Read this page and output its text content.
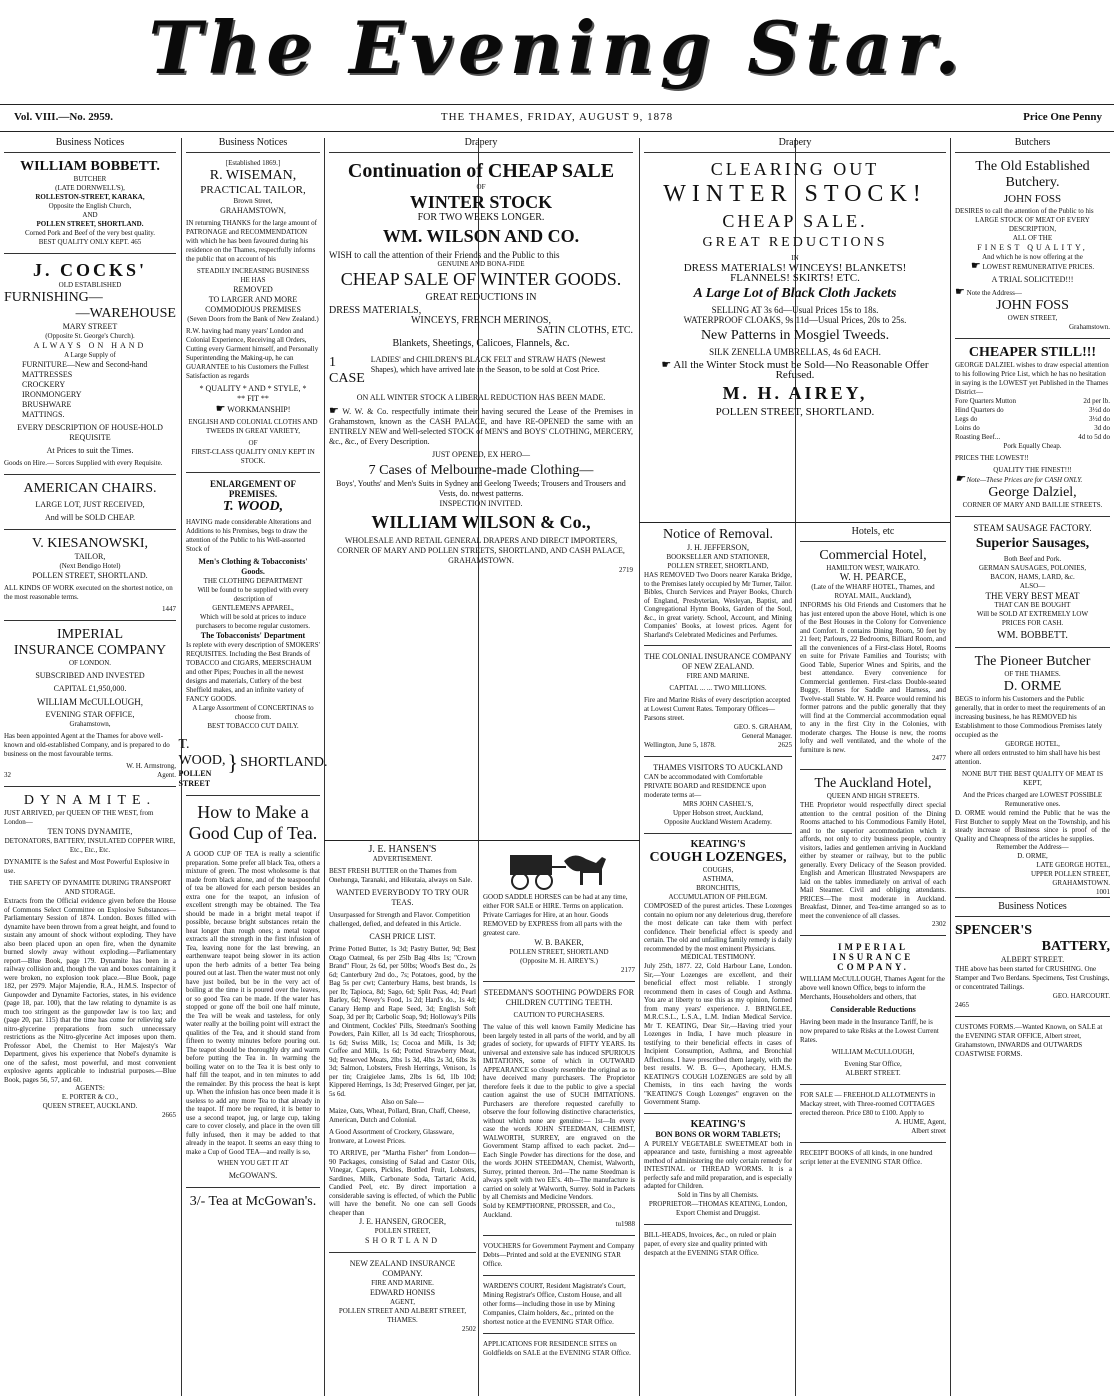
The Evening Star.
Vol. VIII.—No. 2959.	THE THAMES, FRIDAY, AUGUST 9, 1878	Price One Penny
Business Notices
WILLIAM BOBBETT.
BUTCHER
(LATE DORNWELL'S),
ROLLESTON-STREET, KARAKA,
Opposite the English Church,
AND
POLLEN STREET, SHORTLAND.
Corned Pork and Beef of the very best quality.
BEST QUALITY ONLY KEPT. 465
J. COCKS'
OLD ESTABLISHED
FURNISHING—
—WAREHOUSE
MARY STREET
(Opposite St. George's Church).
ALWAYS ON HAND
A Large Supply of
FURNITURE—New and Second-hand
MATTRESSES
CROCKERY
IRONMONGERY
BRUSHWARE
MATTINGS.
EVERY DESCRIPTION OF HOUSE-HOLD REQUISITE
At Prices to suit the Times.
Goods on Hire.— Sorces Supplied with every Requisite.
AMERICAN CHAIRS.
LARGE LOT, JUST RECEIVED,
And will be SOLD CHEAP.
V. KIESANOWSKI,
TAILOR,
(Next Bendigo Hotel)
POLLEN STREET, SHORTLAND.
ALL KINDS OF WORK executed on the shortest notice, on the most reasonable terms.
1447
IMPERIAL
INSURANCE COMPANY
OF LONDON.
SUBSCRIBED AND INVESTED
CAPITAL £1,950,000.
WILLIAM McCULLOUGH,
EVENING STAR OFFICE,
Grahamstown,
Has been appointed Agent at the Thames for above well-known and old-established Company, and is prepared to do business on the most favourable terms.
W. H. Armstrong,
32	Agent.
DYNAMITE.
JUST ARRIVED, per QUEEN OF THE WEST, from London—
TEN TONS DYNAMITE,
DETONATORS, BATTERY, INSULATED COPPER WIRE, Etc., Etc., Etc.
DYNAMITE is the Safest and Most Powerful Explosive in use.
THE SAFETY OF DYNAMITE DURING TRANSPORT AND STORAGE.
Extracts from the Official evidence given before the House of Commons Select Committee on Explosive Substances—Parliamentary Session of 1874. London. Boxes filled with dynamite have been thrown from a great height, and found to sustain any amount of shock without exploding. They have also been placed upon an open fire, when the dynamite burned slowly away without exploding.—Parliamentary report—Blue Book, page 179. Dynamite has been in a railway collision and, though the van and boxes containing it were broken, no explosion took place.—Blue Book, page 182, per 2979. Major Majendie, R.A., H.M.S. Inspector of Gunpowder and Dynamite Factories, states, in his evidence (page 18, par. 100), that the law relating to dynamite is as much too stringent as the gunpowder law is too lax; and (page 20, par. 115) that the time has come for relieving safe nitro-glycerine preparations from such unnecessary restrictions as the Nitro-glycerine Act imposes upon them. Professor Abel, the Chemist to Her Majesty's War Department, gives his experience that Nobel's dynamite is one of the safest, most powerful, and most convenient explosive agents applicable to industrial purposes.—Blue Book, pages 56, 57, and 60.
AGENTS:
E. PORTER & CO.,
QUEEN STREET, AUCKLAND.
2665
Business Notices
[Established 1869.]
R. WISEMAN,
PRACTICAL TAILOR,
Brown Street,
GRAHAMSTOWN,
IN returning THANKS for the large amount of PATRONAGE and RECOMMENDATION with which he has been favoured during his residence on the Thames, respectfully informs the public that on account of his
STEADILY INCREASING BUSINESS
HE HAS
REMOVED
TO LARGER AND MORE COMMODIOUS PREMISES
(Seven Doors from the Bank of New Zealand.)
R.W. having had many years' London and Colonial Experience, Receiving all Orders, Cutting every Garment himself, and Personally Superintending the Making-up, he can GUARANTEE to his Customers the Fullest Satisfaction as regards
* QUALITY * AND * STYLE, *
** FIT **
☛ WORKMANSHIP!
ENGLISH AND COLONIAL CLOTHS AND TWEEDS IN GREAT VARIETY,
OF
FIRST-CLASS QUALITY ONLY KEPT IN STOCK.
ENLARGEMENT OF PREMISES.
T. WOOD,
HAVING made considerable Alterations and Additions to his Premises, begs to draw the attention of the Public to his Well-assorted Stock of
Men's Clothing & Tobacconists' Goods.
THE CLOTHING DEPARTMENT
Will be found to be supplied with every description of
GENTLEMEN'S APPAREL,
Which will be sold at prices to induce purchasers to become regular customers.
The Tobacconists' Department
Is replete with every description of SMOKERS' REQUISITES. Including the Best Brands of TOBACCO and CIGARS, MEERSCHAUM and other Pipes; Pouches in all the newest designs and materials, Cutlery of the best Sheffield makes, and an infinite variety of FANCY GOODS.
A Large Assortment of CONCERTINAS to choose from.
BEST TOBACCO CUT DAILY.
T. WOOD,
POLLEN STREET
} SHORTLAND.
How to Make a Good Cup of Tea.
A GOOD CUP OF TEA is really a scientific preparation. Some prefer all black Tea, others a mixture of green. The most wholesome is that made from black alone, and of the teaspoonful of tea be allowed for each person besides an extra one for the teapot, an infusion of excellent strength may be obtained. The Tea should be made in a bright metal teapot if possible, because bright substances retain the heat longer than rough ones; a metal teapot extracts all the strength in the first infusion of Tea, leaving none for the last brewing, an earthenware teapot being slower in its action upon the herb admits of a better Tea being poured out at last. Then the water must not only have just boiled, but be in the very act of boiling at the time it is poured over the leaves, or so good Tea can be made. If the water has stopped or gone off the boil one half minute, the Tea will be weak and tasteless, for only water really at the boiling point will extract the qualities of the Tea, and it should stand from fifteen to twenty minutes before pouring out. The teapot should be thoroughly dry and warm before putting the Tea in. In warming the boiling water on to the Tea it is best only to half fill the teapot, and in ten minutes to add the remainder. By this process the heat is kept up. When the infusion has once been made it is useless to add any more Tea to that already in the teapot. If more be required, it is better to use a second teapot, jug, or large cup, taking care to cover closely, and place in the oven till fully infused, then it may be added to that already in the teapot. It seems an easy thing to make a Cup of Good TEA—and really is so,
WHEN YOU GET IT AT
McGOWAN'S.
3/- Tea at McGowan's.
Drapery
Continuation of CHEAP SALE
OF
WINTER STOCK
FOR TWO WEEKS LONGER.
WM. WILSON AND CO.
WISH to call the attention of their Friends and the Public to this
GENUINE AND BONA-FIDE
CHEAP SALE OF WINTER GOODS.
GREAT REDUCTIONS IN
DRESS MATERIALS,
WINCEYS, FRENCH MERINOS,
SATIN CLOTHS, ETC.
Blankets, Sheetings, Calicoes, Flannels, &c.
1 CASE
LADIES' and CHILDREN'S BLACK FELT and STRAW HATS (Newest Shapes), which have arrived late in the Season, to be sold at Cost Price.
ON ALL WINTER STOCK A LIBERAL REDUCTION HAS BEEN MADE.
☛ W. W. & Co. respectfully intimate their having secured the Lease of the Premises in Grahamstown, known as the CASH PALACE, and have RE-OPENED the same with an ENTIRELY NEW and Well-selected STOCK of MEN'S and BOYS' CLOTHING, MERCERY, &c., &c., of Every Description.
JUST OPENED, EX HERO—
7 Cases of Melbourne-made Clothing—
Boys', Youths' and Men's Suits in Sydney and Geelong Tweeds; Trousers and Trousers and Vests, do. newest patterns.
INSPECTION INVITED.
WILLIAM WILSON & Co.,
WHOLESALE AND RETAIL GENERAL DRAPERS AND DIRECT IMPORTERS,
CORNER OF MARY AND POLLEN STREETS, SHORTLAND, AND CASH PALACE, GRAHAMSTOWN.
2719
J. E. HANSEN'S
ADVERTISEMENT.
BEST FRESH BUTTER on the Thames from Onehunga, Taranaki, and Hikutaia, always on Sale.
WANTED EVERYBODY TO TRY OUR TEAS.
Unsurpassed for Strength and Flavor. Competition challenged, defied, and defeated in this Article.
CASH PRICE LIST.
Prime Potted Butter, 1s 3d; Pastry Butter, 9d; Best Otago Oatmeal, 6s per 25lb Bag 4lbs 1s; "Crown Brand" Flour, 2s 6d, per 50lbs; Wood's Best do., 2s 6d; Canterbury 2nd do., 7s; Potatoes, good, by the Bag 5s per cwt; Canterbury Hams, best brands, 1s per lb; Tapioca, 8d; Sago, 6d; Split Peas, 4d; Pearl Barley, 6d; Nevey's Food, 1s 2d; Hard's do., 1s 4d; Canary Hemp and Rape Seed, 3d; English Soft Soap, 3d per lb; Carbolic Soap, 9d; Holloway's Pills and Ointment, Cockles' Pills, Steedman's Soothing Powders, Pain Killer, all 1s 3d each; Triosphorous, 1s 6d; Swiss Milk, 1s; Cocoa and Milk, 1s 3d; Coffee and Milk, 1s 6d; Potted Strawberry Meat, 9d; Preserved Meats, 2lbs 1s 3d, 4lbs 2s 3d, 6lbs 3s 3d; Salmon, Lobsters, Fresh Herrings, Venison, 1s per tin; Craigielee Jams, 2lbs 1s 6d, 1lb 10d; Kippered Herrings, 1s 3d; Preserved Ginger, per jar, 5s 6d.
Also on Sale—
Maize, Oats, Wheat, Pollard, Bran, Chaff, Cheese, American, Dutch and Colonial.
A Good Assortment of Crockery, Glassware, Ironware, at Lowest Prices.
TO ARRIVE, per "Martha Fisher" from London—90 Packages, consisting of Salad and Castor Oils, Vinegar, Capers, Pickles, Bottled Fruit, Lobsters, Sardines, Milk, Carbonate Soda, Tartaric Acid, Candied Peel, etc. By direct importation a considerable saving is effected, of which the Public will have the benefit. No one can sell Goods cheaper than
J. E. HANSEN, GROCER,
POLLEN STREET,
SHORTLAND
NEW ZEALAND INSURANCE COMPANY.
FIRE AND MARINE.
EDWARD HONISS
AGENT,
POLLEN STREET AND ALBERT STREET, THAMES.
2502
GOOD SADDLE HORSES can be had at any time, either FOR SALE or HIRE. Terms on application. Private Carriages for Hire, at an hour. Goods REMOVED by EXPRESS from all parts with the greatest care.
W. B. BAKER,
POLLEN STREET, SHORTLAND
(Opposite M. H. AIREY'S.)
2177
STEEDMAN'S SOOTHING POWDERS FOR CHILDREN CUTTING TEETH.
CAUTION TO PURCHASERS.
The value of this well known Family Medicine has been largely tested in all parts of the world, and by all grades of society, for upwards of FIFTY YEARS. Its universal and extensive sale has induced SPURIOUS IMITATIONS, some of which in OUTWARD APPEARANCE so closely resemble the original as to have deceived many purchasers. The Proprietor therefore feels it due to the public to give a special caution against the use of SUCH IMITATIONS. Purchasers are therefore requested carefully to observe the four following distinctive characteristics, without which none are genuine:— 1st—In every case the words JOHN STEEDMAN, CHEMIST, WALWORTH, SURREY, are engraved on the Government Stamp affixed to each packet. 2nd—Each Single Powder has directions for the dose, and the words JOHN STEEDMAN, Chemist, Walworth, Surrey, printed thereon. 3rd—The name Steedman is always spelt with two EE's. 4th—The manufacture is carried on solely at Walworth, Surrey. Sold in Packets by all Chemists and Medicine Vendors.
Sold by KEMPTHORNE, PROSSER, and Co., Auckland.
tu1988
VOUCHERS for Government Payment and Company Debts—Printed and sold at the EVENING STAR Office.
WARDEN'S COURT, Resident Magistrate's Court, Mining Registrar's Office, Custom House, and all other forms—including those in use by Mining Companies, Claim holders, &c., printed on the shortest notice at the EVENING STAR Office.
APPLICATIONS FOR RESIDENCE SITES on Goldfields on SALE at the EVENING STAR Office.
Drapery
CLEARING OUT
WINTER STOCK!
CHEAP SALE.
GREAT REDUCTIONS
IN
DRESS MATERIALS! WINCEYS! BLANKETS!
FLANNELS! SKIRTS! ETC.
A Large Lot of Black Cloth Jackets
SELLING AT 3s 6d—Usual Prices 15s to 18s.
WATERPROOF CLOAKS, 9s 11d—Usual Prices, 20s to 25s.
New Patterns in Mosgiel Tweeds.
SILK ZENELLA UMBRELLAS, 4s 6d EACH.
☛ All the Winter Stock must be Sold—No Reasonable Offer Refused.
M. H. AIREY,
POLLEN STREET, SHORTLAND.
Notice of Removal.
J. H. JEFFERSON,
BOOKSELLER AND STATIONER,
POLLEN STREET, SHORTLAND,
HAS REMOVED Two Doors nearer Karaka Bridge, to the Premises lately occupied by Mr Turner, Tailor. Bibles, Church Services and Prayer Books, Church of England, Presbyterian, Wesleyan, Baptist, and Congregational Hymn Books, Garden of the Soul, &c., in great variety. School, Account, and Mining Companies' Books, at lowest prices. Agent for Sharland's Celebrated Medicines and Perfumes.
THE COLONIAL INSURANCE COMPANY OF NEW ZEALAND.
FIRE AND MARINE.
CAPITAL ... ... TWO MILLIONS.
Fire and Marine Risks of every description accepted at Lowest Current Rates. Temporary Offices—Parsons street.
GEO. S. GRAHAM,
General Manager.
Wellington, June 5, 1878.	2625
THAMES VISITORS TO AUCKLAND
CAN be accommodated with Comfortable PRIVATE BOARD and RESIDENCE upon moderate terms at—
MRS JOHN CASHEL'S,
Upper Hobson street, Auckland,
Opposite Auckland Western Academy.
KEATING'S
COUGH LOZENGES,
COUGHS,
ASTHMA,
BRONCHITIS,
ACCUMULATION OF PHLEGM.
COMPOSED of the purest articles. These Lozenges contain no opium nor any deleterious drug, therefore the most delicate can take them with perfect confidence. Their beneficial effect is speedy and certain. The old and unfailing family remedy is daily recommended by the most eminent Physicians.
MEDICAL TESTIMONY.
July 25th, 1877. 22, Cold Harbour Lane, London. Sir,—Your Lozenges are excellent, and their beneficial effect most reliable. I strongly recommend them in cases of Cough and Asthma. You are at liberty to use this as my opinion, formed from many years' experience. J. BRINGLEE, M.R.C.S.L., L.S.A., L.M. Indian Medical Service. Mr T. KEATING, Dear Sir,—Having tried your Lozenges in India, I have much pleasure in testifying to their beneficial effects in cases of Incipient Consumption, Asthma, and Bronchial Affections. I have prescribed them largely, with the best results. W. B. G—, Apothecary, H.M.S. KEATING'S COUGH LOZENGES are sold by all Chemists, in tins each having the words "KEATING'S Cough Lozenges" engraven on the Government Stamp.
KEATING'S
BON BONS OR WORM TABLETS;
A PURELY VEGETABLE SWEETMEAT both in appearance and taste, furnishing a most agreeable method of administering the only certain remedy for INTESTINAL or THREAD WORMS. It is a perfectly safe and mild preparation, and is especially adapted for Children.
Sold in Tins by all Chemists.
PROPRIETOR—THOMAS KEATING, London,
Export Chemist and Druggist.
BILL-HEADS, Invoices, &c., on ruled or plain paper, of every size and quality printed with despatch at the EVENING STAR Office.
Hotels, etc
Commercial Hotel,
HAMILTON WEST, WAIKATO.
W. H. PEARCE,
(Late of the WHARF HOTEL, Thames, and ROYAL MAIL, Auckland),
INFORMS his Old Friends and Customers that he has just entered upon the above Hotel, which is one of the Best Houses in the Colony for Convenience and Comfort. It contains Dining Room, 50 feet by 21 feet; Parlours, 22 Bedrooms, Billiard Room, and all the conveniences of a First-class Hotel, Rooms en suite for Private Families and Tourists; with Good Table, Superior Wines and Spirits, and the best attendance. Every convenience for Commercial gentlemen. First-class Double-seated Buggy, Horses for Saddle and Harness, and Twelve-stall Stable. W. H. Pearce would remind his former patrons and the public generally that they will find at the Commercial accommodation equal to any in the first City in the Colonies, with moderate charges. The House is new, the rooms lofty and well ventilated, and the whole of the furniture is new.
2477
The Auckland Hotel,
QUEEN AND HIGH STREETS.
THE Proprietor would respectfully direct special attention to the central position of the Dining Rooms attached to his Commodious Family Hotel, and to the superior accommodation which it affords, not only to city business people, country visitors, ladies and gentlemen arriving in Auckland either by steamer or railway, but to the public generally. Every Delicacy of the Season provided. English and American Illustrated Newspapers are laid on the tables immediately on arrival of each Mail Steamer. Civil and obliging attendants. PRICES—The most moderate in Auckland. Breakfast, Dinner, and Tea-time arranged so as to meet the convenience of all classes.
2302
IMPERIAL INSURANCE COMPANY.
WILLIAM McCULLOUGH, Thames Agent for the above well known Office, begs to inform the Merchants, Householders and others, that
Considerable Reductions
Having been made in the Insurance Tariff, he is now prepared to take Risks at the Lowest Current Rates.
WILLIAM McCULLOUGH,
Evening Star Office,
ALBERT STREET.
FOR SALE — FREEHOLD ALLOTMENTS in Mackay street, with Three-roomed COTTAGES erected thereon. Price £80 to £100. Apply to
A. HUME, Agent,
Albert street
RECEIPT BOOKS of all kinds, in one hundred script letter at the EVENING STAR Office.
Butchers
The Old Established Butchery.
JOHN FOSS
DESIRES to call the attention of the Public to his
LARGE STOCK OF MEAT OF EVERY DESCRIPTION,
ALL OF THE
FINEST QUALITY,
And which he is now offering at the
☛ LOWEST REMUNERATIVE PRICES.
A TRIAL SOLICITED!!!
☛ Note the Address—
JOHN FOSS
OWEN STREET,
Grahamstown.
CHEAPER STILL!!!
GEORGE DALZIEL wishes to draw especial attention to his following Price List, which he has no hesitation in saying is the LOWEST yet Published in the Thames District—
Fore Quarters Mutton	2d per lb.
Hind Quarters do	3½d do
Legs do	3½d do
Loins do	3d do
Roasting Beef...	4d to 5d do
Pork Equally Cheap.
PRICES THE LOWEST!!
QUALITY THE FINEST!!!
☛ Note—These Prices are for CASH ONLY.
George Dalziel,
CORNER OF MARY AND BAILLIE STREETS.
STEAM SAUSAGE FACTORY.
Superior Sausages,
Both Beef and Pork.
GERMAN SAUSAGES, POLONIES,
BACON, HAMS, LARD, &c.
ALSO—
THE VERY BEST MEAT
THAT CAN BE BOUGHT
Will be SOLD AT EXTREMELY LOW
PRICES FOR CASH.
WM. BOBBETT.
The Pioneer Butcher
OF THE THAMES.
D. ORME
BEGS to inform his Customers and the Public generally, that in order to meet the requirements of an increasing business, he has REMOVED his Establishment to those Commodious Premises lately occupied as the
GEORGE HOTEL,
where all orders entrusted to him shall have his best attention.
NONE BUT THE BEST QUALITY OF MEAT IS KEPT,
And the Prices charged are LOWEST POSSIBLE Remunerative ones.
D. ORME would remind the Public that he was the First Butcher to supply Meat on the Township, and his steady increase of Business since is proof of the Quality and Cheapness of the articles he supplies.
Remember the Address—
D. ORME,
LATE GEORGE HOTEL,
UPPER POLLEN STREET,
GRAHAMSTOWN.
1001
Business Notices
SPENCER'S
BATTERY,
ALBERT STREET.
THE above has been started for CRUSHING. One Stamper and Two Berdans. Specimens, Test Crushings, or concentrated Tailings.
GEO. HARCOURT.
2465
CUSTOMS FORMS.—Wanted Known, on SALE at the EVENING STAR OFFICE, Albert street, Grahamstown, INWARDS and OUTWARDS COASTWISE FORMS.
